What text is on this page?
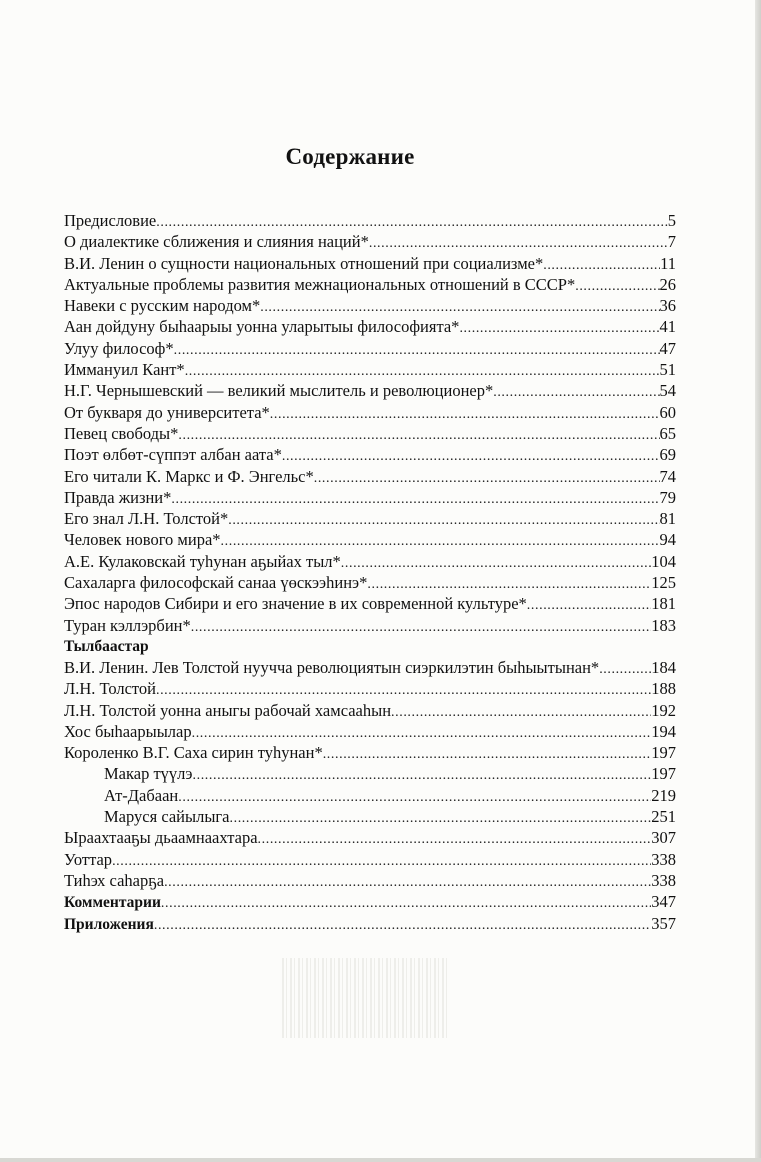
Содержание
Предисловие .....	5
О диалектике сближения и слияния наций* .....	7
В.И. Ленин о сущности национальных отношений при социализме* .....	11
Актуальные проблемы развития межнациональных отношений в СССР* .....	26
Навеки с русским народом* .....	36
Аан дойдуну быһаарыы уонна уларытыы философията* .....	41
Улуу философ* .....	47
Иммануил Кант* .....	51
Н.Г. Чернышевский — великий мыслитель и революционер* .....	54
От букваря до университета* .....	60
Певец свободы* .....	65
Поэт өлбөт-сүппэт албан аата* .....	69
Его читали К. Маркс и Ф. Энгельс* .....	74
Правда жизни* .....	79
Его знал Л.Н. Толстой* .....	81
Человек нового мира* .....	94
А.Е. Кулаковскай туһунан аҕыйах тыл* .....	104
Сахаларга философскай санаа үөскээһинэ* .....	125
Эпос народов Сибири и его значение в их современной культуре* .....	181
Туран кэллэрбин* .....	183
Тылбаастар
В.И. Ленин. Лев Толстой нуучча революциятын сиэркилэтин быһыытынан* .....	184
Л.Н. Толстой .....	188
Л.Н. Толстой уонна аныгы рабочай хамсааһын .....	192
Хос быһаарыылар .....	194
Короленко В.Г. Саха сирин туһунан* .....	197
Макар түүлэ .....	197
Ат-Дабаан .....	219
Маруся сайылыга .....	251
Ыраахтааҕы дьаамнаахтара .....	307
Уоттар .....	338
Тиһэх саһарҕа .....	338
Комментарии .....	347
Приложения .....	357
